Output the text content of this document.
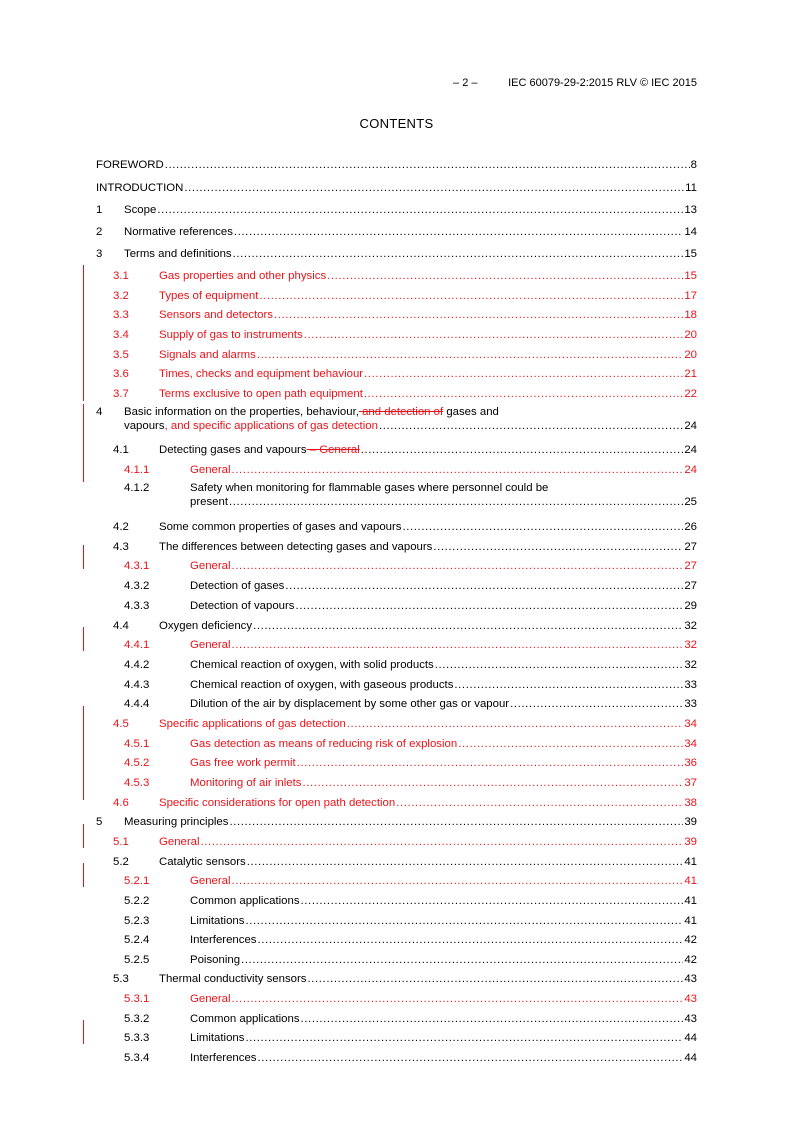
– 2 –	IEC 60079-29-2:2015 RLV © IEC 2015
CONTENTS
FOREWORD .....	8
INTRODUCTION .....	11
1 Scope .....	13
2 Normative references .....	14
3 Terms and definitions .....	15
3.1	Gas properties and other physics .....	15
3.2	Types of equipment .....	17
3.3	Sensors and detectors .....	18
3.4	Supply of gas to instruments .....	20
3.5	Signals and alarms .....	20
3.6	Times, checks and equipment behaviour .....	21
3.7	Terms exclusive to open path equipment .....	22
4 Basic information on the properties, behaviour, and detection of gases and
vapours, and specific applications of gas detection .....	24
4.1	Detecting gases and vapours – General .....	24
4.1.1	General .....	24
4.1.2	Safety when monitoring for flammable gases where personnel could be
present .....	25
4.2	Some common properties of gases and vapours .....	26
4.3	The differences between detecting gases and vapours .....	27
4.3.1	General .....	27
4.3.2	Detection of gases .....	27
4.3.3	Detection of vapours .....	29
4.4	Oxygen deficiency .....	32
4.4.1	General .....	32
4.4.2	Chemical reaction of oxygen, with solid products .....	32
4.4.3	Chemical reaction of oxygen, with gaseous products .....	33
4.4.4	Dilution of the air by displacement by some other gas or vapour .....	33
4.5	Specific applications of gas detection .....	34
4.5.1	Gas detection as means of reducing risk of explosion .....	34
4.5.2	Gas free work permit .....	36
4.5.3	Monitoring of air inlets .....	37
4.6	Specific considerations for open path detection .....	38
5 Measuring principles .....	39
5.1	General .....	39
5.2	Catalytic sensors .....	41
5.2.1	General .....	41
5.2.2	Common applications .....	41
5.2.3	Limitations .....	41
5.2.4	Interferences .....	42
5.2.5	Poisoning .....	42
5.3	Thermal conductivity sensors .....	43
5.3.1	General .....	43
5.3.2	Common applications .....	43
5.3.3	Limitations .....	44
5.3.4	Interferences .....	44
